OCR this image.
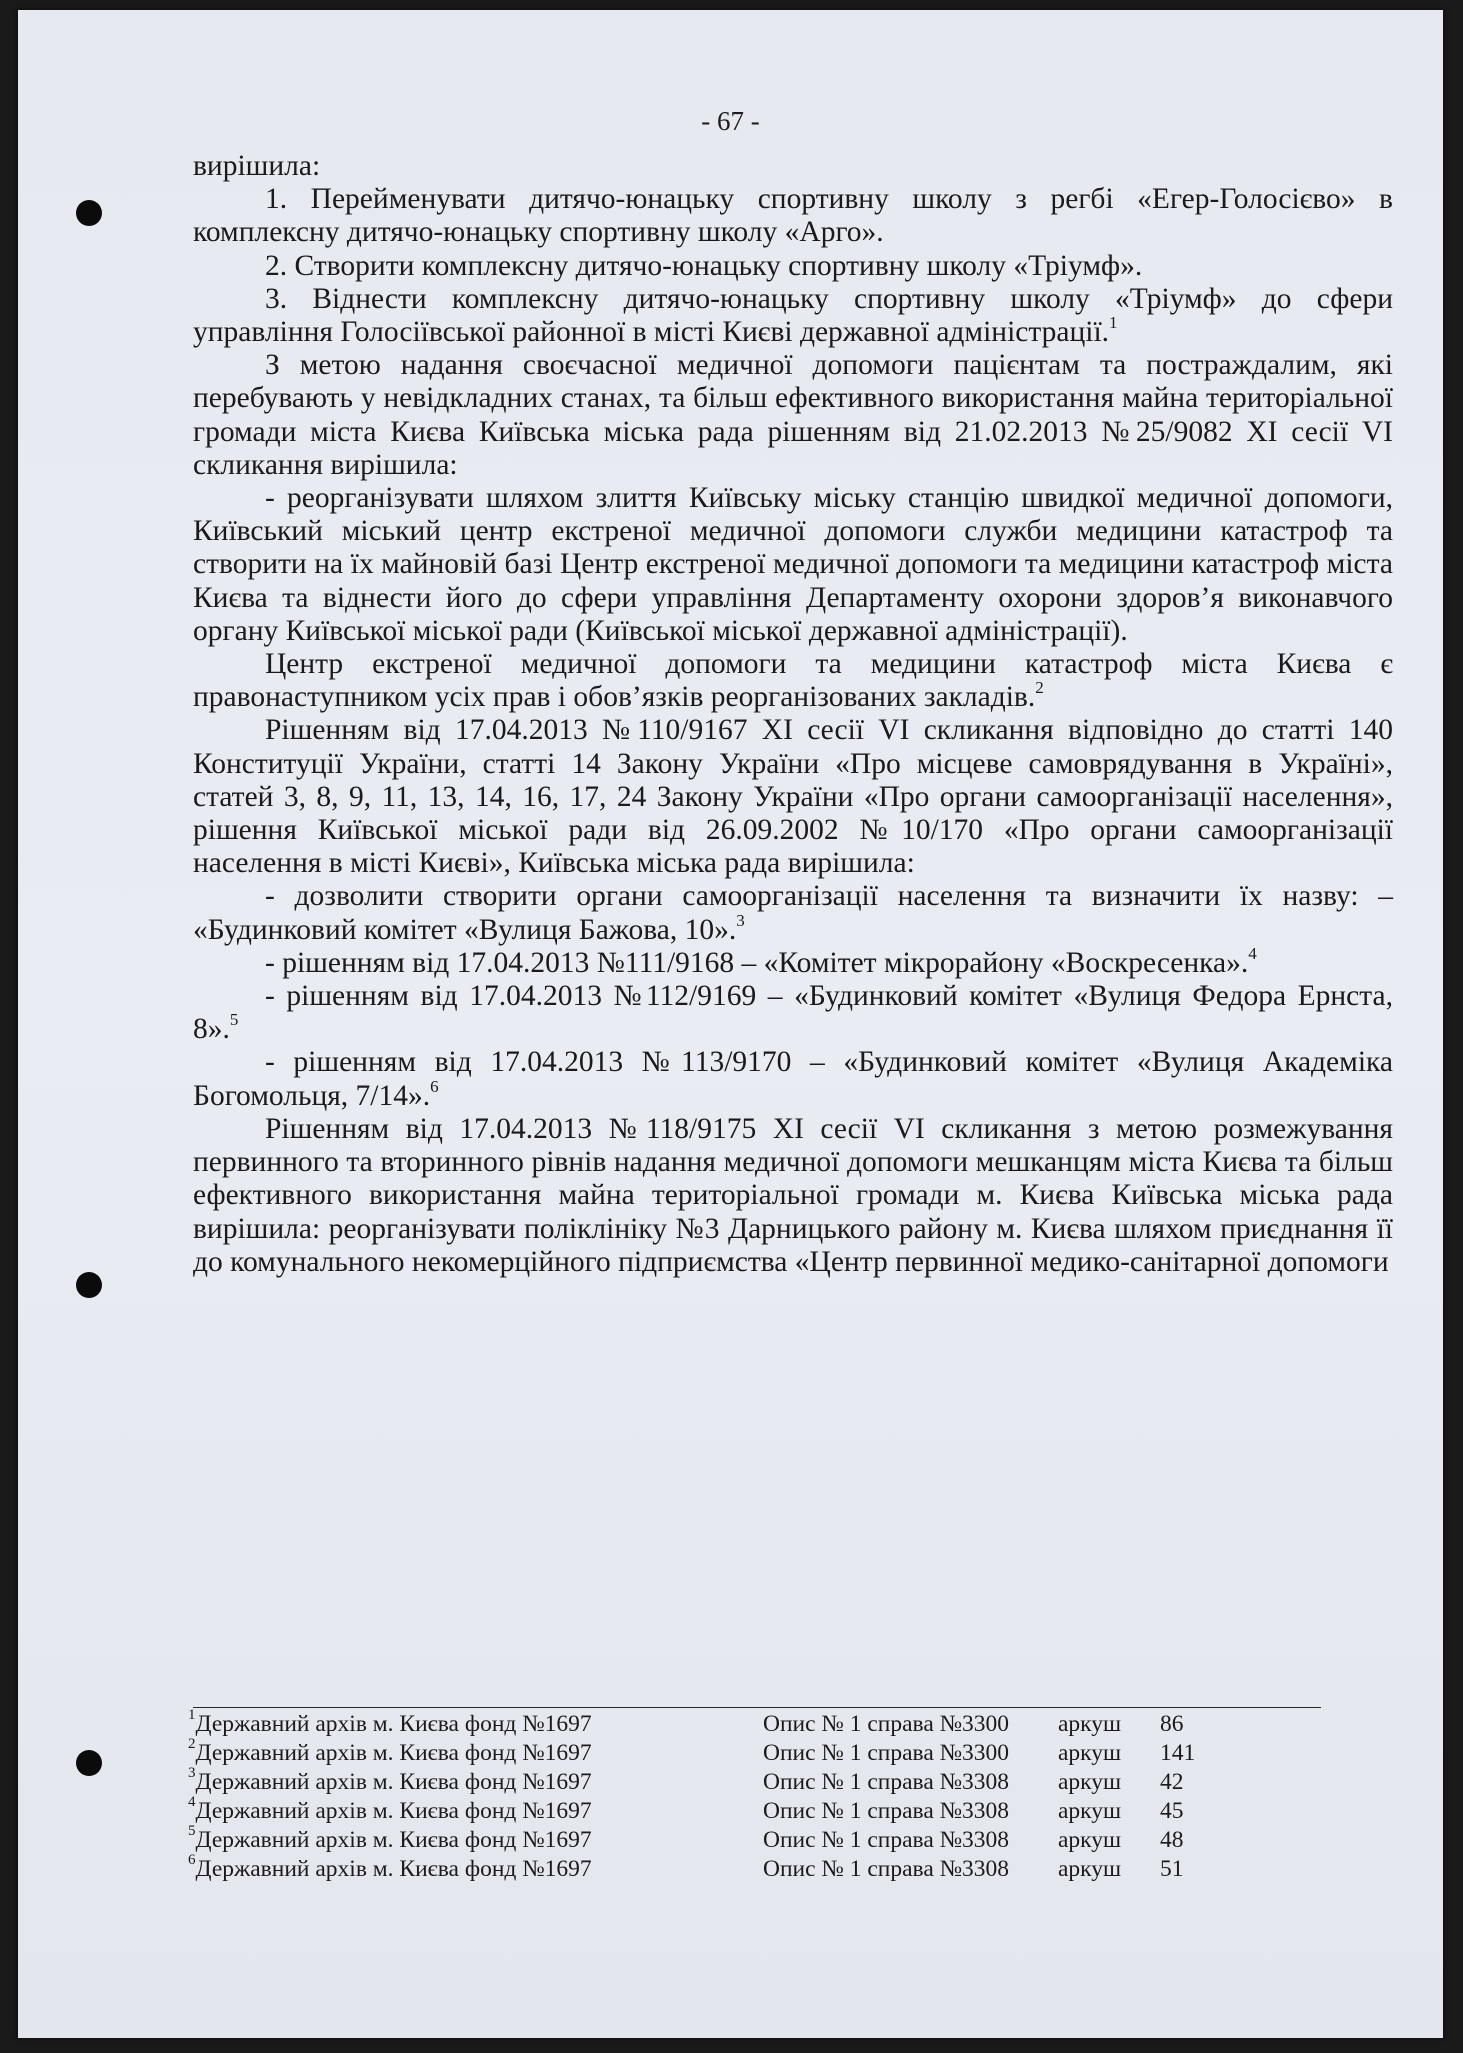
- 67 -

вирішила:

1. Перейменувати дитячо-юнацьку спортивну школу з регбі «Егер-Голосієво» в комплексну дитячо-юнацьку спортивну школу «Арго».

2. Створити комплексну дитячо-юнацьку спортивну школу «Тріумф».

3. Віднести комплексну дитячо-юнацьку спортивну школу «Тріумф» до сфери управління Голосіївської районної в місті Києві державної адміністрації.$^1$

З метою надання своєчасної медичної допомоги пацієнтам та постраждалим, які перебувають у невідкладних станах, та більш ефективного використання майна територіальної громади міста Києва Київська міська рада рішенням від 21.02.2013 №25/9082 XI сесії VI скликання вирішила:

- реорганізувати шляхом злиття Київську міську станцію швидкої медичної допомоги, Київський міський центр екстреної медичної допомоги служби медицини катастроф та створити на їх майновій базі Центр екстреної медичної допомоги та медицини катастроф міста Києва та віднести його до сфери управління Департаменту охорони здоров’я виконавчого органу Київської міської ради (Київської міської державної адміністрації).

Центр екстреної медичної допомоги та медицини катастроф міста Києва є правонаступником усіх прав і обов’язків реорганізованих закладів.$^2$

Рішенням від 17.04.2013 №110/9167 XI сесії VI скликання відповідно до статті 140 Конституції України, статті 14 Закону України «Про місцеве самоврядування в Україні», статей 3, 8, 9, 11, 13, 14, 16, 17, 24 Закону України «Про органи самоорганізації населення», рішення Київської міської ради від 26.09.2002 №10/170 «Про органи самоорганізації населення в місті Києві», Київська міська рада вирішила:

- дозволити створити органи самоорганізації населення та визначити їх назву: – «Будинковий комітет «Вулиця Бажова, 10».$^3$

- рішенням від 17.04.2013 №111/9168 – «Комітет мікрорайону «Воскресенка».$^4$

- рішенням від 17.04.2013 №112/9169 – «Будинковий комітет «Вулиця Федора Ернста, 8».$^5$

- рішенням від 17.04.2013 №113/9170 – «Будинковий комітет «Вулиця Академіка Богомольця, 7/14».$^6$

Рішенням від 17.04.2013 №118/9175 XI сесії VI скликання з метою розмежування первинного та вторинного рівнів надання медичної допомоги мешканцям міста Києва та більш ефективного використання майна територіальної громади м. Києва Київська міська рада вирішила: реорганізувати поліклініку №3 Дарницького району м. Києва шляхом приєднання її до комунального некомерційного підприємства «Центр первинної медико-санітарної допомоги

$^1$Державний архів м. Києва фонд №1697	Опис № 1 справа №3300 аркуш 86
$^2$Державний архів м. Києва фонд №1697	Опис № 1 справа №3300 аркуш 141
$^3$Державний архів м. Києва фонд №1697	Опис № 1 справа №3308 аркуш 42
$^4$Державний архів м. Києва фонд №1697	Опис № 1 справа №3308 аркуш 45
$^5$Державний архів м. Києва фонд №1697	Опис № 1 справа №3308 аркуш 48
$^6$Державний архів м. Києва фонд №1697	Опис № 1 справа №3308 аркуш 51
